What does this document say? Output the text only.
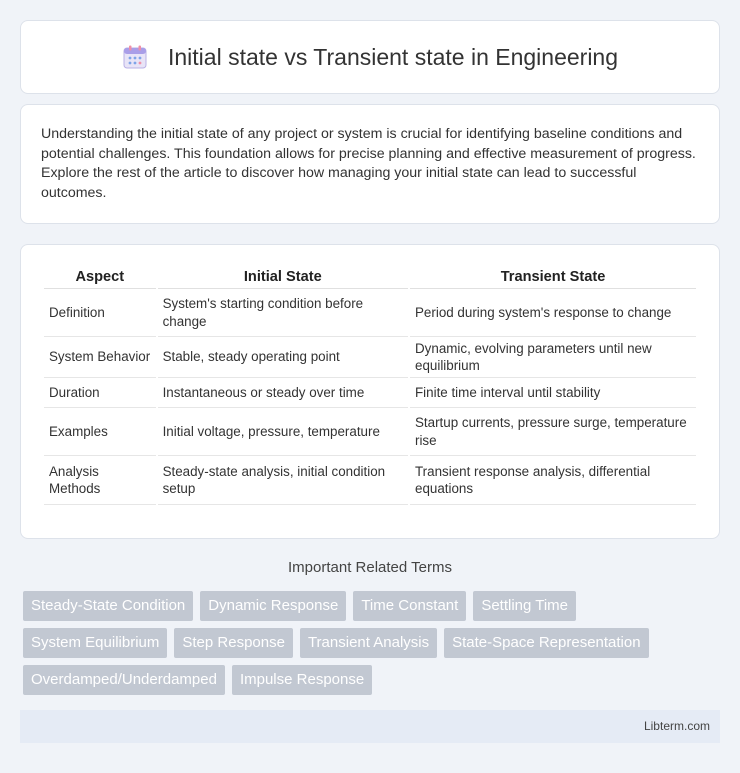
Initial state vs Transient state in Engineering

Understanding the initial state of any project or system is crucial for identifying baseline conditions and potential challenges. This foundation allows for precise planning and effective measurement of progress. Explore the rest of the article to discover how managing your initial state can lead to successful outcomes.

Aspect	Initial State	Transient State
Definition	System's starting condition before change	Period during system's response to change
System Behavior	Stable, steady operating point	Dynamic, evolving parameters until new equilibrium
Duration	Instantaneous or steady over time	Finite time interval until stability
Examples	Initial voltage, pressure, temperature	Startup currents, pressure surge, temperature rise
Analysis Methods	Steady-state analysis, initial condition setup	Transient response analysis, differential equations
Important Related Terms
Steady-State Condition	Dynamic Response	Time Constant	Settling Time
System Equilibrium	Step Response	Transient Analysis	State-Space Representation
Overdamped/Underdamped	Impulse Response
Libterm.com
